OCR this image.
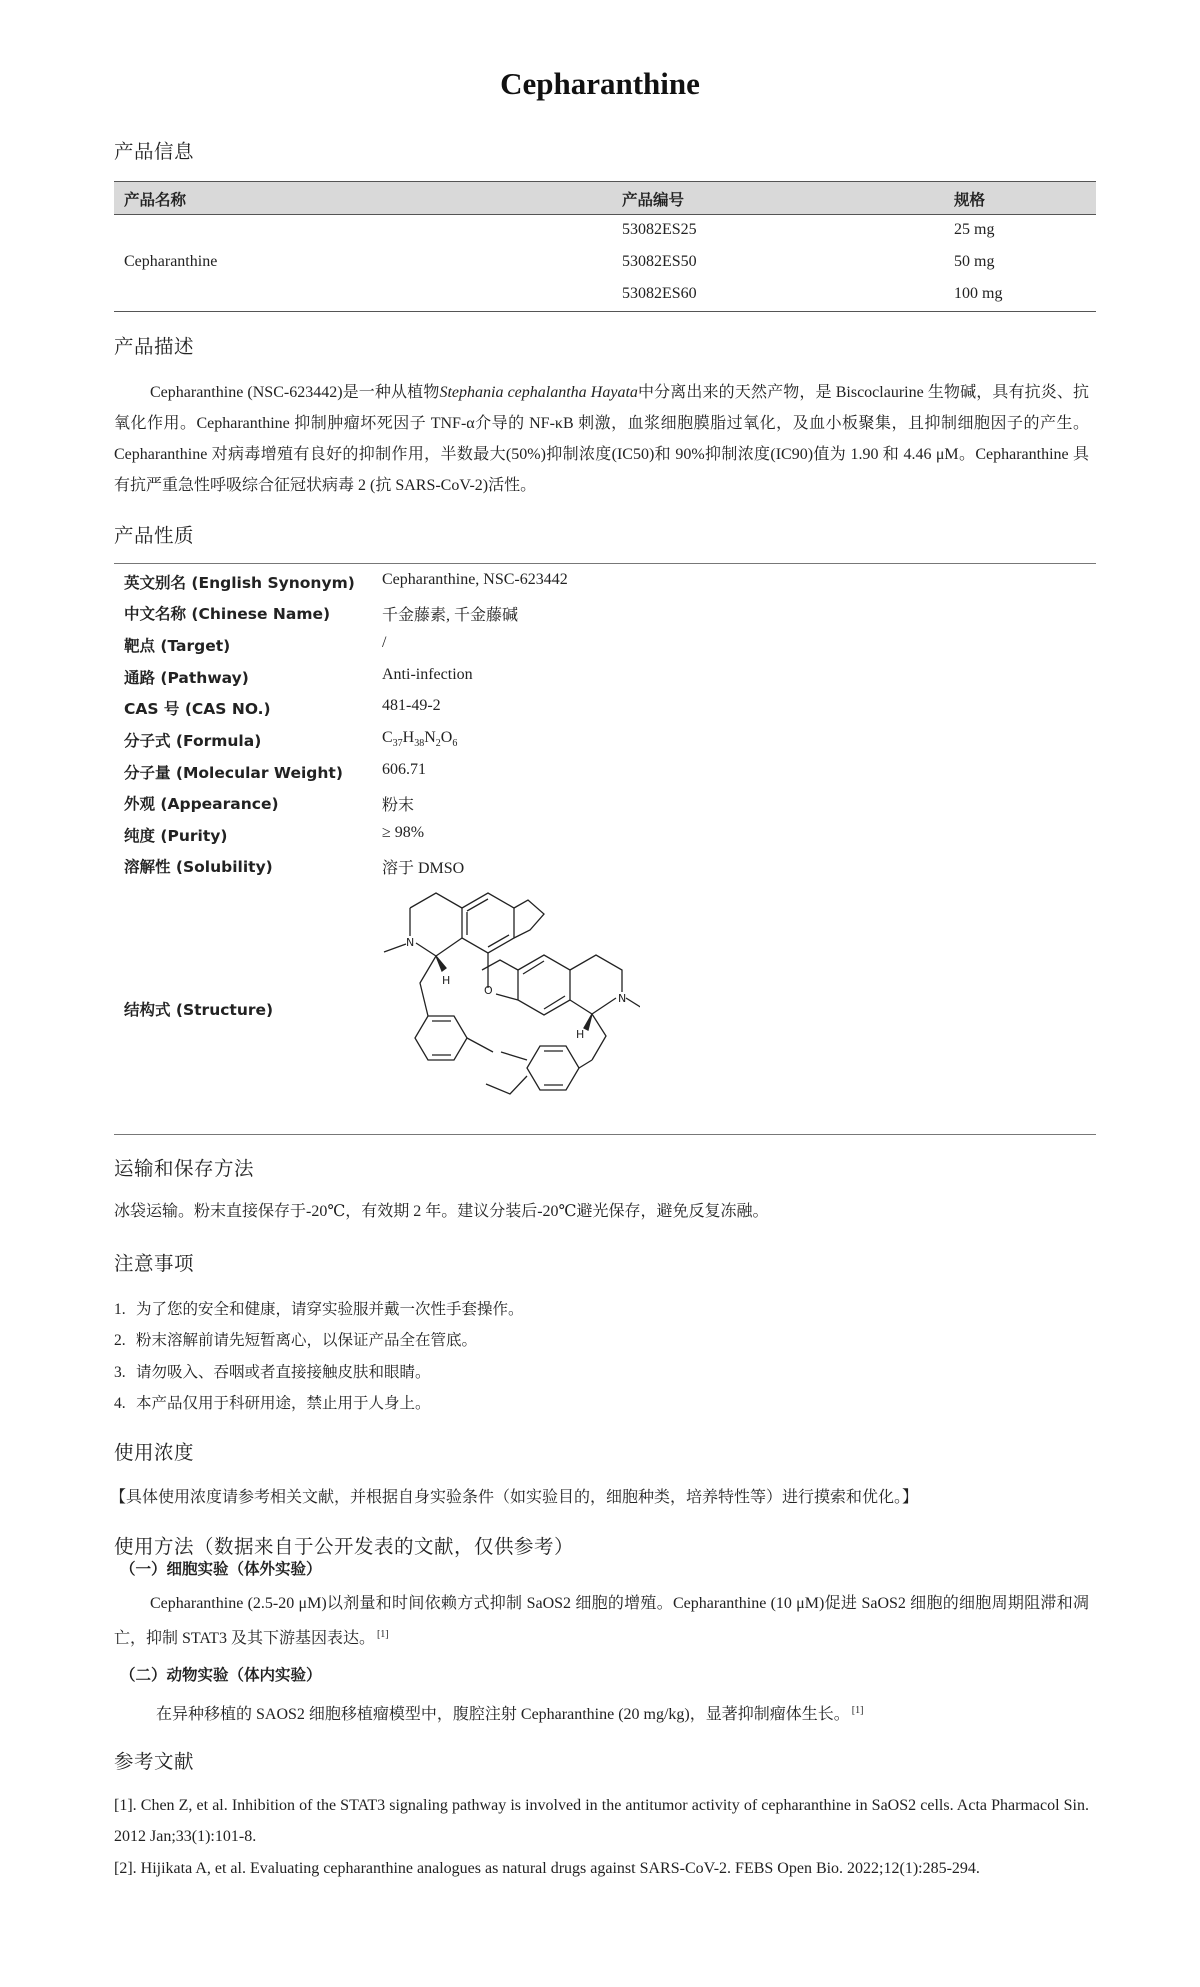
Cepharanthine
产品信息
产品名称	产品编号	规格
Cepharanthine
53082ES25	25 mg
53082ES50	50 mg
53082ES60	100 mg
产品描述

Cepharanthine (NSC-623442)是一种从植物Stephania cephalantha Hayata中分离出来的天然产物，是 Biscoclaurine 生物碱，具有抗炎、抗氧化作用。Cepharanthine 抑制肿瘤坏死因子 TNF-α介导的 NF-κB 刺激，血浆细胞膜脂过氧化，及血小板聚集，且抑制细胞因子的产生。Cepharanthine 对病毒增殖有良好的抑制作用，半数最大(50%)抑制浓度(IC50)和 90%抑制浓度(IC90)值为 1.90 和 4.46 μM。Cepharanthine 具有抗严重急性呼吸综合征冠状病毒 2 (抗 SARS-CoV-2)活性。

产品性质
英文别名 (English Synonym) Cepharanthine, NSC-623442
中文名称 (Chinese Name)	千金藤素, 千金藤碱
靶点 (Target)	/
通路 (Pathway)	Anti-infection
CAS 号 (CAS NO.)	481-49-2
分子式 (Formula)	$C_{37}H_{38}N_2O_6$
分子量 (Molecular Weight) 606.71
外观 (Appearance)	粉末
纯度 (Purity)	≥ 98%
溶解性 (Solubility)	溶于 DMSO
结构式 (Structure)
N
H
O
N
H
运输和保存方法

冰袋运输。粉末直接保存于-20℃，有效期 2 年。建议分装后-20℃避光保存，避免反复冻融。

注意事项
1. 为了您的安全和健康，请穿实验服并戴一次性手套操作。
2. 粉末溶解前请先短暂离心，以保证产品全在管底。
3. 请勿吸入、吞咽或者直接接触皮肤和眼睛。
4. 本产品仅用于科研用途，禁止用于人身上。
使用浓度

【具体使用浓度请参考相关文献，并根据自身实验条件（如实验目的，细胞种类，培养特性等）进行摸索和优化。】

使用方法（数据来自于公开发表的文献，仅供参考）
（一）细胞实验（体外实验）

Cepharanthine (2.5-20 μM)以剂量和时间依赖方式抑制 SaOS2 细胞的增殖。Cepharanthine (10 μM)促进 SaOS2 细胞的细胞周期阻滞和凋亡，抑制 STAT3 及其下游基因表达。 [1]

（二）动物实验（体内实验）

在异种移植的 SAOS2 细胞移植瘤模型中，腹腔注射 Cepharanthine (20 mg/kg)，显著抑制瘤体生长。 [1]

参考文献

[1]. Chen Z, et al. Inhibition of the STAT3 signaling pathway is involved in the antitumor activity of cepharanthine in SaOS2 cells. Acta Pharmacol Sin. 2012 Jan;33(1):101-8.

[2]. Hijikata A, et al. Evaluating cepharanthine analogues as natural drugs against SARS-CoV-2. FEBS Open Bio. 2022;12(1):285-294.
